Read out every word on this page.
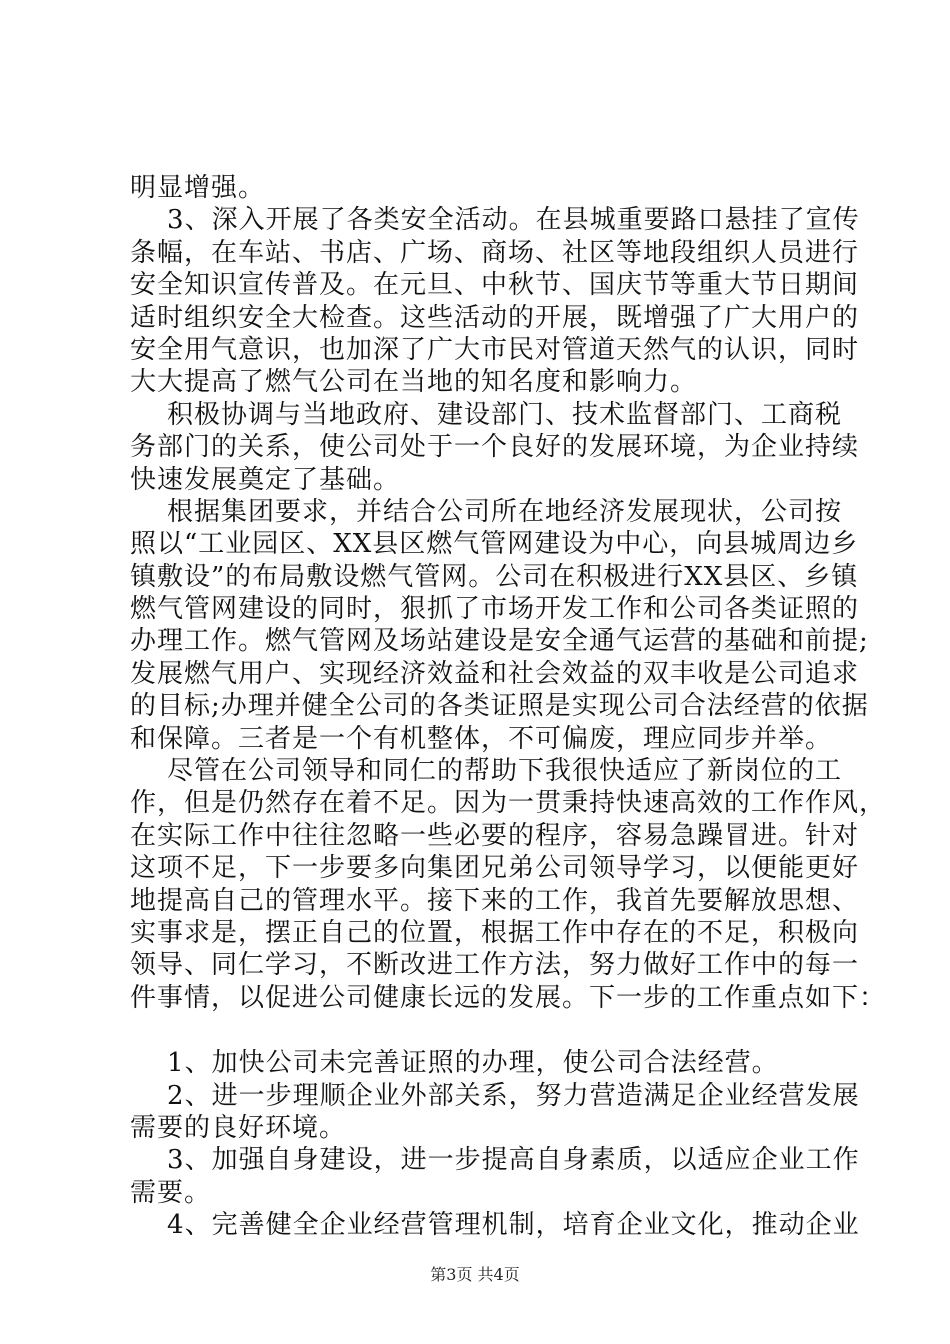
明显增强。
3、深入开展了各类安全活动。在县城重要路口悬挂了宣传
条幅，在车站、书店、广场、商场、社区等地段组织人员进行
安全知识宣传普及。在元旦、中秋节、国庆节等重大节日期间
适时组织安全大检查。这些活动的开展，既增强了广大用户的
安全用气意识，也加深了广大市民对管道天然气的认识，同时
大大提高了燃气公司在当地的知名度和影响力。
积极协调与当地政府、建设部门、技术监督部门、工商税
务部门的关系，使公司处于一个良好的发展环境，为企业持续
快速发展奠定了基础。
根据集团要求，并结合公司所在地经济发展现状，公司按
照以“工业园区、XX县区燃气管网建设为中心，向县城周边乡
镇敷设”的布局敷设燃气管网。公司在积极进行XX县区、乡镇
燃气管网建设的同时，狠抓了市场开发工作和公司各类证照的
办理工作。燃气管网及场站建设是安全通气运营的基础和前提;
发展燃气用户、实现经济效益和社会效益的双丰收是公司追求
的目标;办理并健全公司的各类证照是实现公司合法经营的依据
和保障。三者是一个有机整体，不可偏废，理应同步并举。
尽管在公司领导和同仁的帮助下我很快适应了新岗位的工
作，但是仍然存在着不足。因为一贯秉持快速高效的工作作风，
在实际工作中往往忽略一些必要的程序，容易急躁冒进。针对
这项不足，下一步要多向集团兄弟公司领导学习，以便能更好
地提高自己的管理水平。接下来的工作，我首先要解放思想、
实事求是，摆正自己的位置，根据工作中存在的不足，积极向
领导、同仁学习，不断改进工作方法，努力做好工作中的每一
件事情，以促进公司健康长远的发展。下一步的工作重点如下：
1、加快公司未完善证照的办理，使公司合法经营。
2、进一步理顺企业外部关系，努力营造满足企业经营发展
需要的良好环境。
3、加强自身建设，进一步提高自身素质，以适应企业工作
需要。
4、完善健全企业经营管理机制，培育企业文化，推动企业
第3页 共4页
